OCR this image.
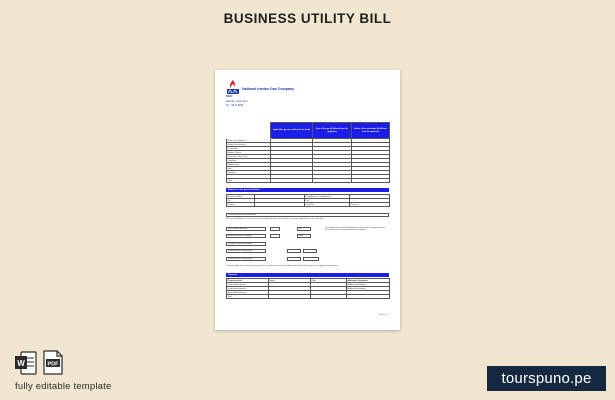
BUSINESS UTILITY BILL
National Iranian Gas Company
NIGC
Website : www.nigc.ir
Tel. : 98 21 8189
	Application (person making for the work)	User of the gas (If different from the applicant)	Holder of the connection (if different from the applicant)
Name of the applicant			
Name of the business			
ID / Number			
Address / Street			
Post code / Town / City			
Telephone			
Mobile phone			
Date			
Signature			

Name			
Address of the gas installation
No of the building		Street/Avenue in outside areas	
Zip		City	
Province		Postal No.	Phone no.
Consumption of current installation
If your current building is not connected to the natural gas grid, please fill in the data to show your application for a gas connection.
Gas capacity requested	kW
Maximum pressure requested	mbar
Changes to current installation
Installation of a new pipe meter
Installation of a new pipe meter
Please take into account the information on the notice, including registration fees and details of work required before installation.
The project application must be sent by e-mail to the main office or by post to the address shown on this form along with all supporting documentation.
Payment
Payment period	Value	Cost	Additional information
1st period of payment			Additional information
2nd period of payment			Additional information
3rd period of payment			
Total			
Page 1 of 1
W	PDF
fully editable template	tourspuno.pe
